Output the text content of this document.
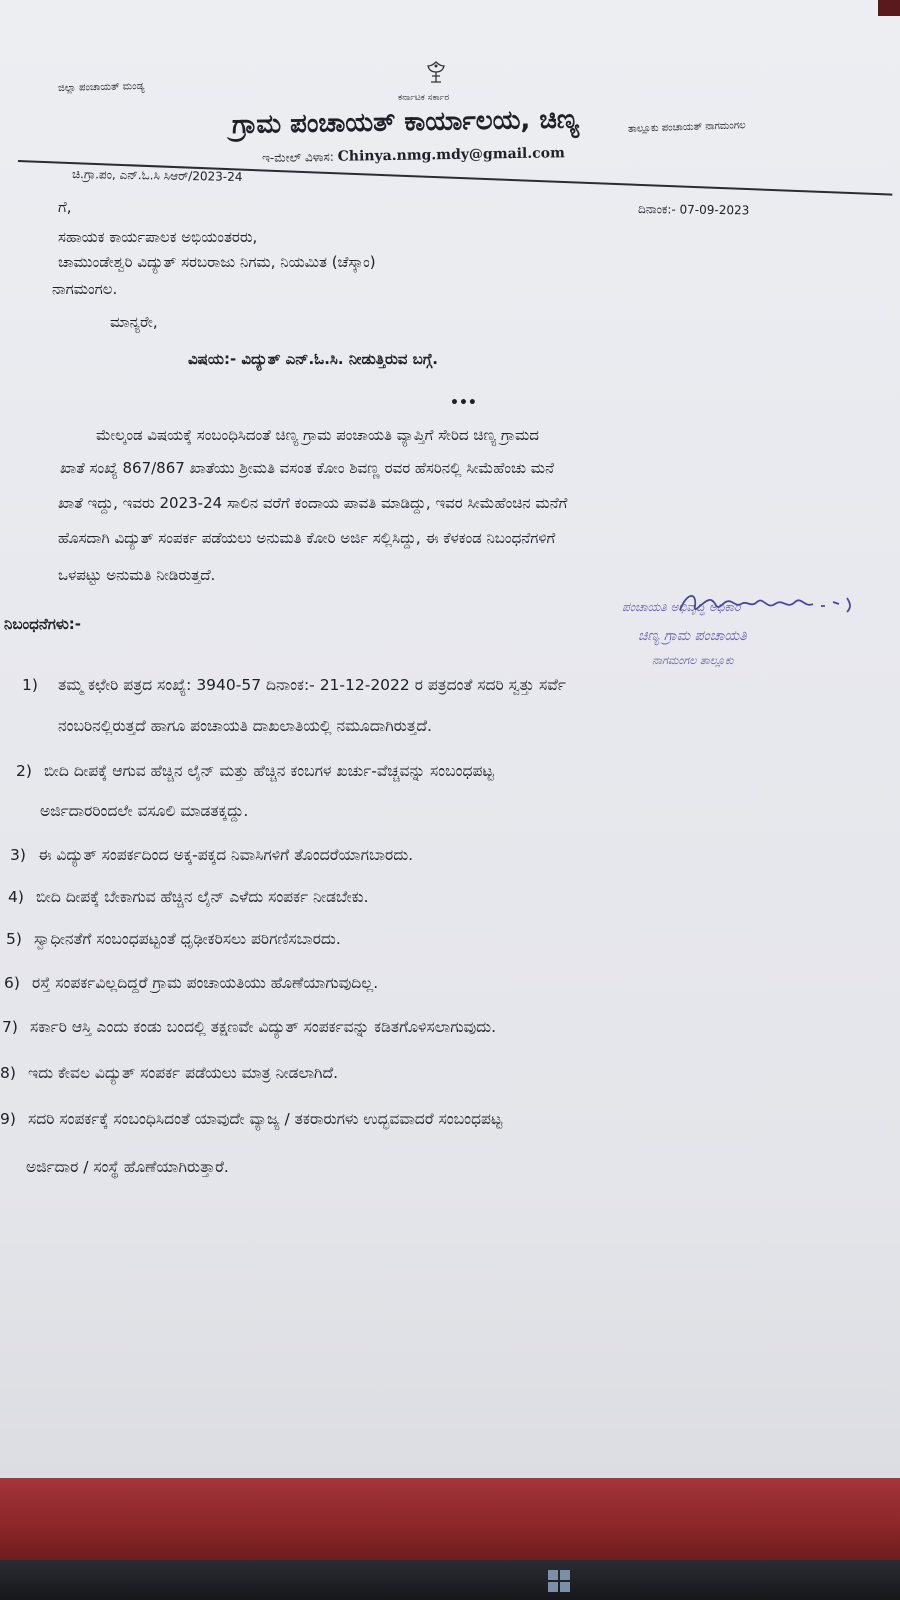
ಜಿಲ್ಲಾ ಪಂಚಾಯತ್ ಮಂಡ್ಯ
ಕರ್ನಾಟಕ ಸರ್ಕಾರ
ಗ್ರಾಮ ಪಂಚಾಯತ್ ಕಾರ್ಯಾಲಯ, ಚಿಣ್ಯ	ತಾಲ್ಲೂಕು ಪಂಚಾಯತ್ ನಾಗಮಂಗಲ
ಇ-ಮೇಲ್ ವಿಳಾಸ: Chinya.nmg.mdy@gmail.com
ಚಿ.ಗ್ರಾ.ಪಂ, ಎನ್.ಓ.ಸಿ ಸಿಆರ್/2023-24
ದಿನಾಂಕ:- 07-09-2023
ಗೆ,
ಸಹಾಯಕ ಕಾರ್ಯಪಾಲಕ ಅಭಿಯಂತರರು,
ಚಾಮುಂಡೇಶ್ವರಿ ವಿದ್ಯುತ್ ಸರಬರಾಜು ನಿಗಮ, ನಿಯಮಿತ (ಚೆಸ್ಕಾಂ)
ನಾಗಮಂಗಲ.
ಮಾನ್ಯರೇ,
ವಿಷಯ:- ವಿದ್ಯುತ್ ಎನ್.ಓ.ಸಿ. ನೀಡುತ್ತಿರುವ ಬಗ್ಗೆ.
•••
ಮೇಲ್ಕಂಡ ವಿಷಯಕ್ಕೆ ಸಂಬಂಧಿಸಿದಂತೆ ಚಿಣ್ಯ ಗ್ರಾಮ ಪಂಚಾಯತಿ ವ್ಯಾಪ್ತಿಗೆ ಸೇರಿದ ಚಿಣ್ಯ ಗ್ರಾಮದ
ಖಾತೆ ಸಂಖ್ಯೆ 867/867 ಖಾತೆಯು ಶ್ರೀಮತಿ ವಸಂತ ಕೋಂ ಶಿವಣ್ಣ ರವರ ಹೆಸರಿನಲ್ಲಿ ಸೀಮೆಹೆಂಚು ಮನೆ
ಖಾತೆ ಇದ್ದು, ಇವರು 2023-24 ಸಾಲಿನ ವರೆಗೆ ಕಂದಾಯ ಪಾವತಿ ಮಾಡಿದ್ದು, ಇವರ ಸೀಮೆಹೆಂಚಿನ ಮನೆಗೆ
ಹೊಸದಾಗಿ ವಿದ್ಯುತ್ ಸಂಪರ್ಕ ಪಡೆಯಲು ಅನುಮತಿ ಕೋರಿ ಅರ್ಜಿ ಸಲ್ಲಿಸಿದ್ದು, ಈ ಕೆಳಕಂಡ ನಿಬಂಧನೆಗಳಿಗೆ
ಒಳಪಟ್ಟು ಅನುಮತಿ ನೀಡಿರುತ್ತದೆ.
ನಿಬಂಧನೆಗಳು:-
ಪಂಚಾಯತಿ ಅಭಿವೃದ್ಧಿ ಅಧಿಕಾರಿ
ಚಿಣ್ಯ ಗ್ರಾಮ ಪಂಚಾಯತಿ
ನಾಗಮಂಗಲ ತಾಲ್ಲೂಕು
1) ತಮ್ಮ ಕಛೇರಿ ಪತ್ರದ ಸಂಖ್ಯೆ: 3940-57 ದಿನಾಂಕ:- 21-12-2022 ರ ಪತ್ರದಂತೆ ಸದರಿ ಸ್ವತ್ತು ಸರ್ವೆ
ನಂಬರಿನಲ್ಲಿರುತ್ತದೆ ಹಾಗೂ ಪಂಚಾಯತಿ ದಾಖಲಾತಿಯಲ್ಲಿ ನಮೂದಾಗಿರುತ್ತದೆ.
2) ಬೀದಿ ದೀಪಕ್ಕೆ ಆಗುವ ಹೆಚ್ಚಿನ ಲೈನ್ ಮತ್ತು ಹೆಚ್ಚಿನ ಕಂಬಗಳ ಖರ್ಚು-ವೆಚ್ಚವನ್ನು ಸಂಬಂಧಪಟ್ಟ
ಅರ್ಜಿದಾರರಿಂದಲೇ ವಸೂಲಿ ಮಾಡತಕ್ಕದ್ದು.
3) ಈ ವಿದ್ಯುತ್ ಸಂಪರ್ಕದಿಂದ ಅಕ್ಕ-ಪಕ್ಕದ ನಿವಾಸಿಗಳಿಗೆ ತೊಂದರೆಯಾಗಬಾರದು.
4) ಬೀದಿ ದೀಪಕ್ಕೆ ಬೇಕಾಗುವ ಹೆಚ್ಚಿನ ಲೈನ್ ಎಳೆದು ಸಂಪರ್ಕ ನೀಡಬೇಕು.
5) ಸ್ವಾಧೀನತೆಗೆ ಸಂಬಂಧಪಟ್ಟಂತೆ ಧೃಢೀಕರಿಸಲು ಪರಿಗಣಿಸಬಾರದು.
6) ರಸ್ತೆ ಸಂಪರ್ಕವಿಲ್ಲದಿದ್ದರೆ ಗ್ರಾಮ ಪಂಚಾಯತಿಯು ಹೊಣೆಯಾಗುವುದಿಲ್ಲ.
7) ಸರ್ಕಾರಿ ಆಸ್ತಿ ಎಂದು ಕಂಡು ಬಂದಲ್ಲಿ ತಕ್ಷಣವೇ ವಿದ್ಯುತ್ ಸಂಪರ್ಕವನ್ನು ಕಡಿತಗೊಳಿಸಲಾಗುವುದು.
8) ಇದು ಕೇವಲ ವಿದ್ಯುತ್ ಸಂಪರ್ಕ ಪಡೆಯಲು ಮಾತ್ರ ನೀಡಲಾಗಿದೆ.
9) ಸದರಿ ಸಂಪರ್ಕಕ್ಕೆ ಸಂಬಂಧಿಸಿದಂತೆ ಯಾವುದೇ ವ್ಯಾಜ್ಯ / ತಕರಾರುಗಳು ಉದ್ಭವವಾದರೆ ಸಂಬಂಧಪಟ್ಟ
ಅರ್ಜಿದಾರ / ಸಂಸ್ಥೆ ಹೊಣೆಯಾಗಿರುತ್ತಾರೆ.
